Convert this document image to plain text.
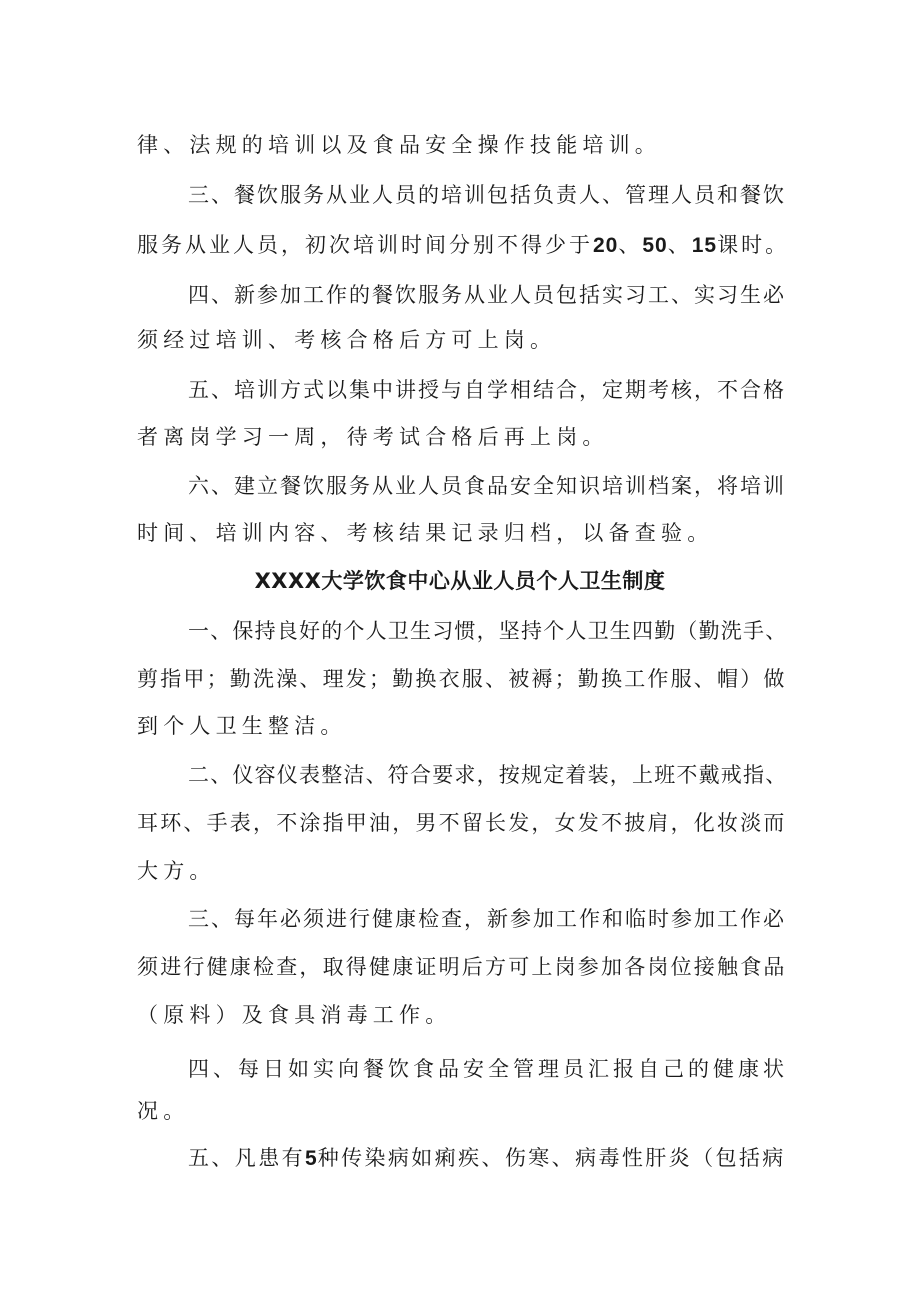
律、法规的培训以及食品安全操作技能培训。
三、餐饮服务从业人员的培训包括负责人、管理人员和餐饮
服务从业人员，初次培训时间分别不得少于20、50、15课时。
四、新参加工作的餐饮服务从业人员包括实习工、实习生必
须经过培训、考核合格后方可上岗。
五、培训方式以集中讲授与自学相结合，定期考核，不合格
者离岗学习一周，待考试合格后再上岗。
六、建立餐饮服务从业人员食品安全知识培训档案，将培训
时间、培训内容、考核结果记录归档，以备查验。
XXXX大学饮食中心从业人员个人卫生制度
一、保持良好的个人卫生习惯，坚持个人卫生四勤（勤洗手、
剪指甲；勤洗澡、理发；勤换衣服、被褥；勤换工作服、帽）做
到个人卫生整洁。
二、仪容仪表整洁、符合要求，按规定着装，上班不戴戒指、
耳环、手表，不涂指甲油，男不留长发，女发不披肩，化妆淡而
大方。
三、每年必须进行健康检查，新参加工作和临时参加工作必
须进行健康检查，取得健康证明后方可上岗参加各岗位接触食品
（原料）及食具消毒工作。
四、每日如实向餐饮食品安全管理员汇报自己的健康状
况。
五、凡患有5种传染病如痢疾、伤寒、病毒性肝炎（包括病
